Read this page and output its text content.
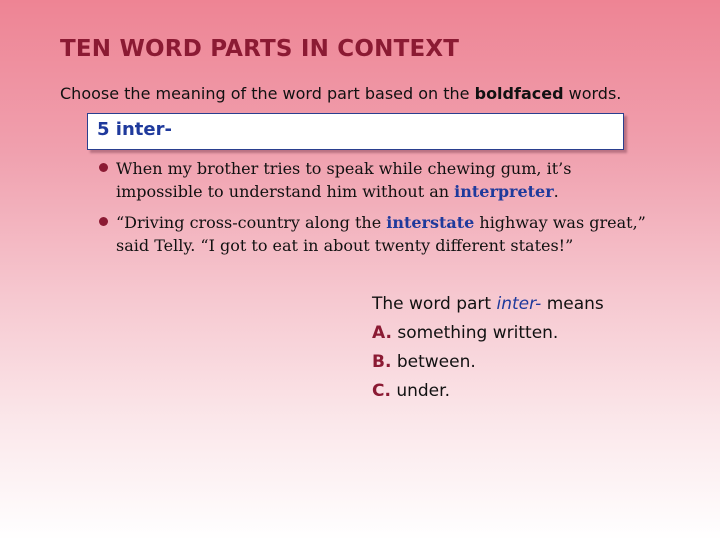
TEN WORD PARTS IN CONTEXT
Choose the meaning of the word part based on the boldfaced words.
5 inter-
When my brother tries to speak while chewing gum, it’s impossible to understand him without an interpreter.
“Driving cross-country along the interstate highway was great,” said Telly. “I got to eat in about twenty different states!”
The word part inter- means
A. something written.
B. between.
C. under.
